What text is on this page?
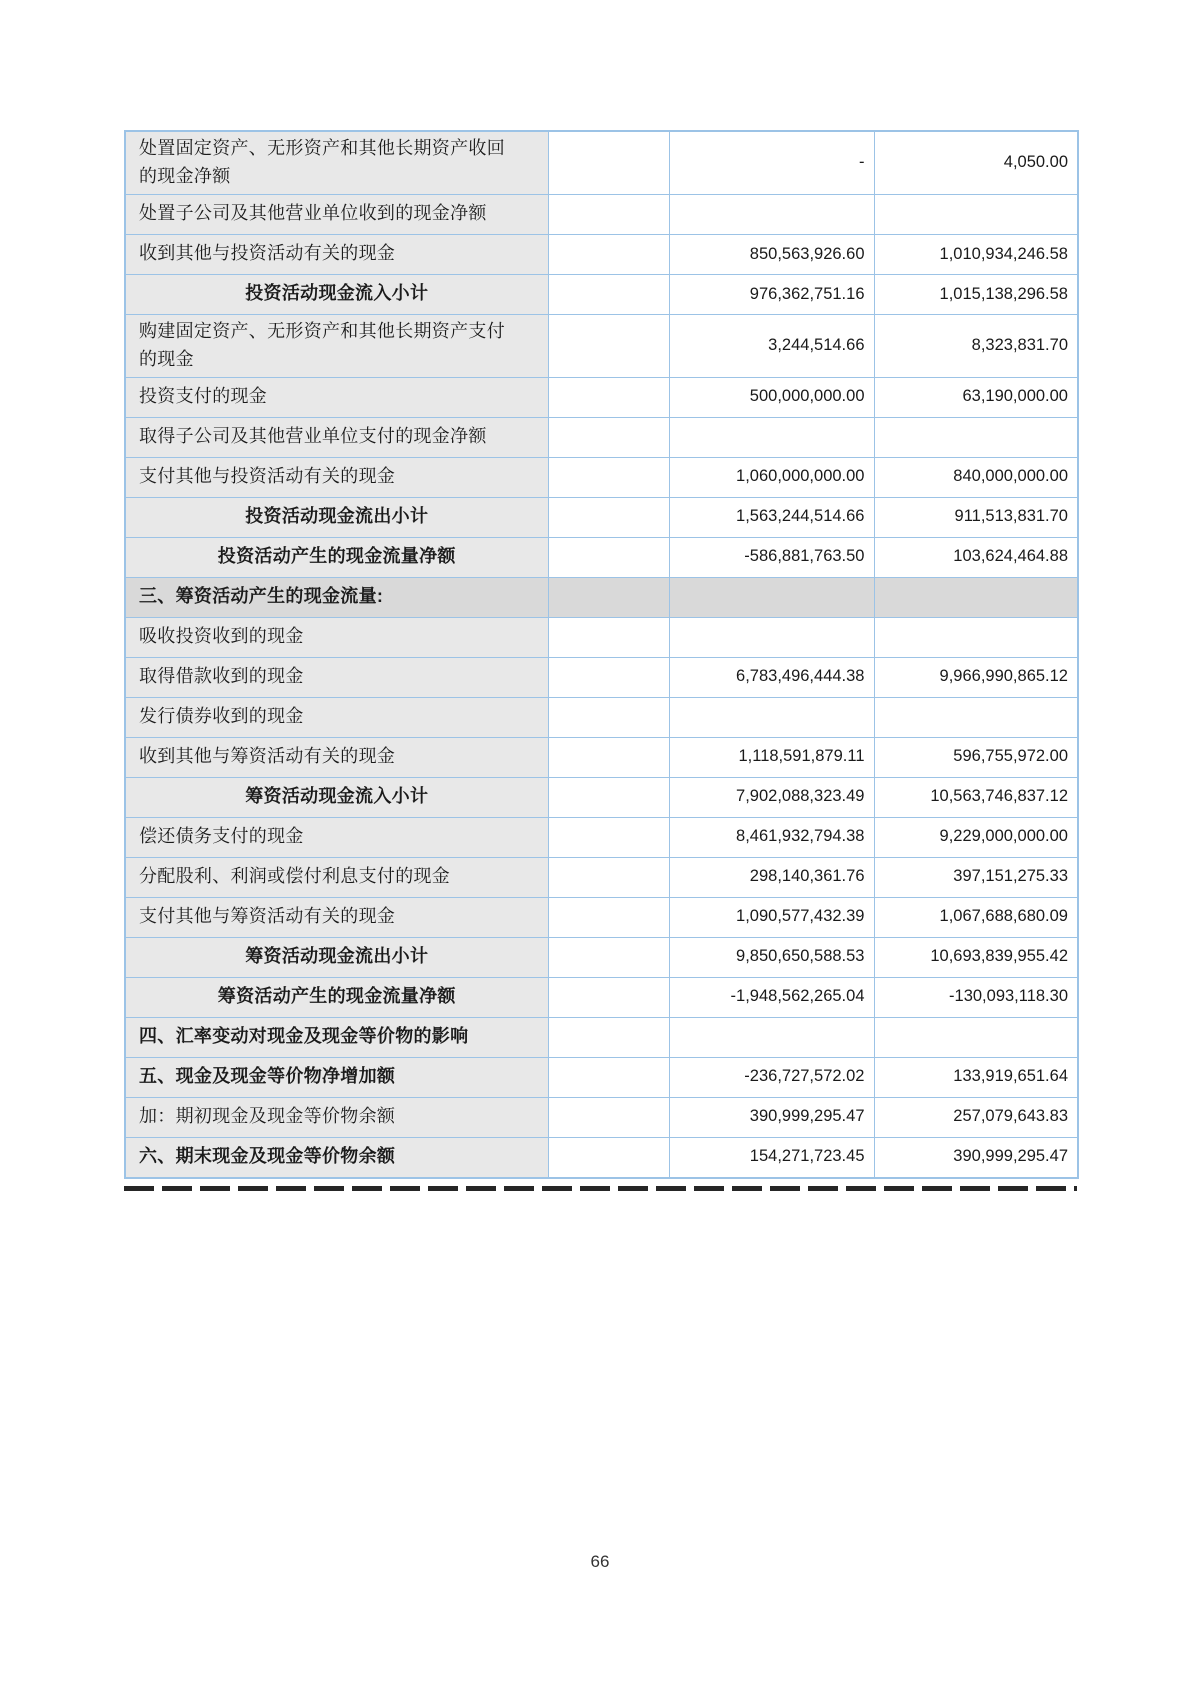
处置固定资产、无形资产和其他长期资产收回的现金净额		-	4,050.00
处置子公司及其他营业单位收到的现金净额			
收到其他与投资活动有关的现金		850,563,926.60	1,010,934,246.58
投资活动现金流入小计		976,362,751.16	1,015,138,296.58
购建固定资产、无形资产和其他长期资产支付的现金		3,244,514.66	8,323,831.70
投资支付的现金		500,000,000.00	63,190,000.00
取得子公司及其他营业单位支付的现金净额			
支付其他与投资活动有关的现金		1,060,000,000.00	840,000,000.00
投资活动现金流出小计		1,563,244,514.66	911,513,831.70
投资活动产生的现金流量净额		-586,881,763.50	103,624,464.88
三、筹资活动产生的现金流量:			
吸收投资收到的现金			
取得借款收到的现金		6,783,496,444.38	9,966,990,865.12
发行债券收到的现金			
收到其他与筹资活动有关的现金		1,118,591,879.11	596,755,972.00
筹资活动现金流入小计		7,902,088,323.49	10,563,746,837.12
偿还债务支付的现金		8,461,932,794.38	9,229,000,000.00
分配股利、利润或偿付利息支付的现金		298,140,361.76	397,151,275.33
支付其他与筹资活动有关的现金		1,090,577,432.39	1,067,688,680.09
筹资活动现金流出小计		9,850,650,588.53	10,693,839,955.42
筹资活动产生的现金流量净额		-1,948,562,265.04	-130,093,118.30
四、汇率变动对现金及现金等价物的影响			
五、现金及现金等价物净增加额		-236,727,572.02	133,919,651.64
加：期初现金及现金等价物余额		390,999,295.47	257,079,643.83
六、期末现金及现金等价物余额		154,271,723.45	390,999,295.47
66
